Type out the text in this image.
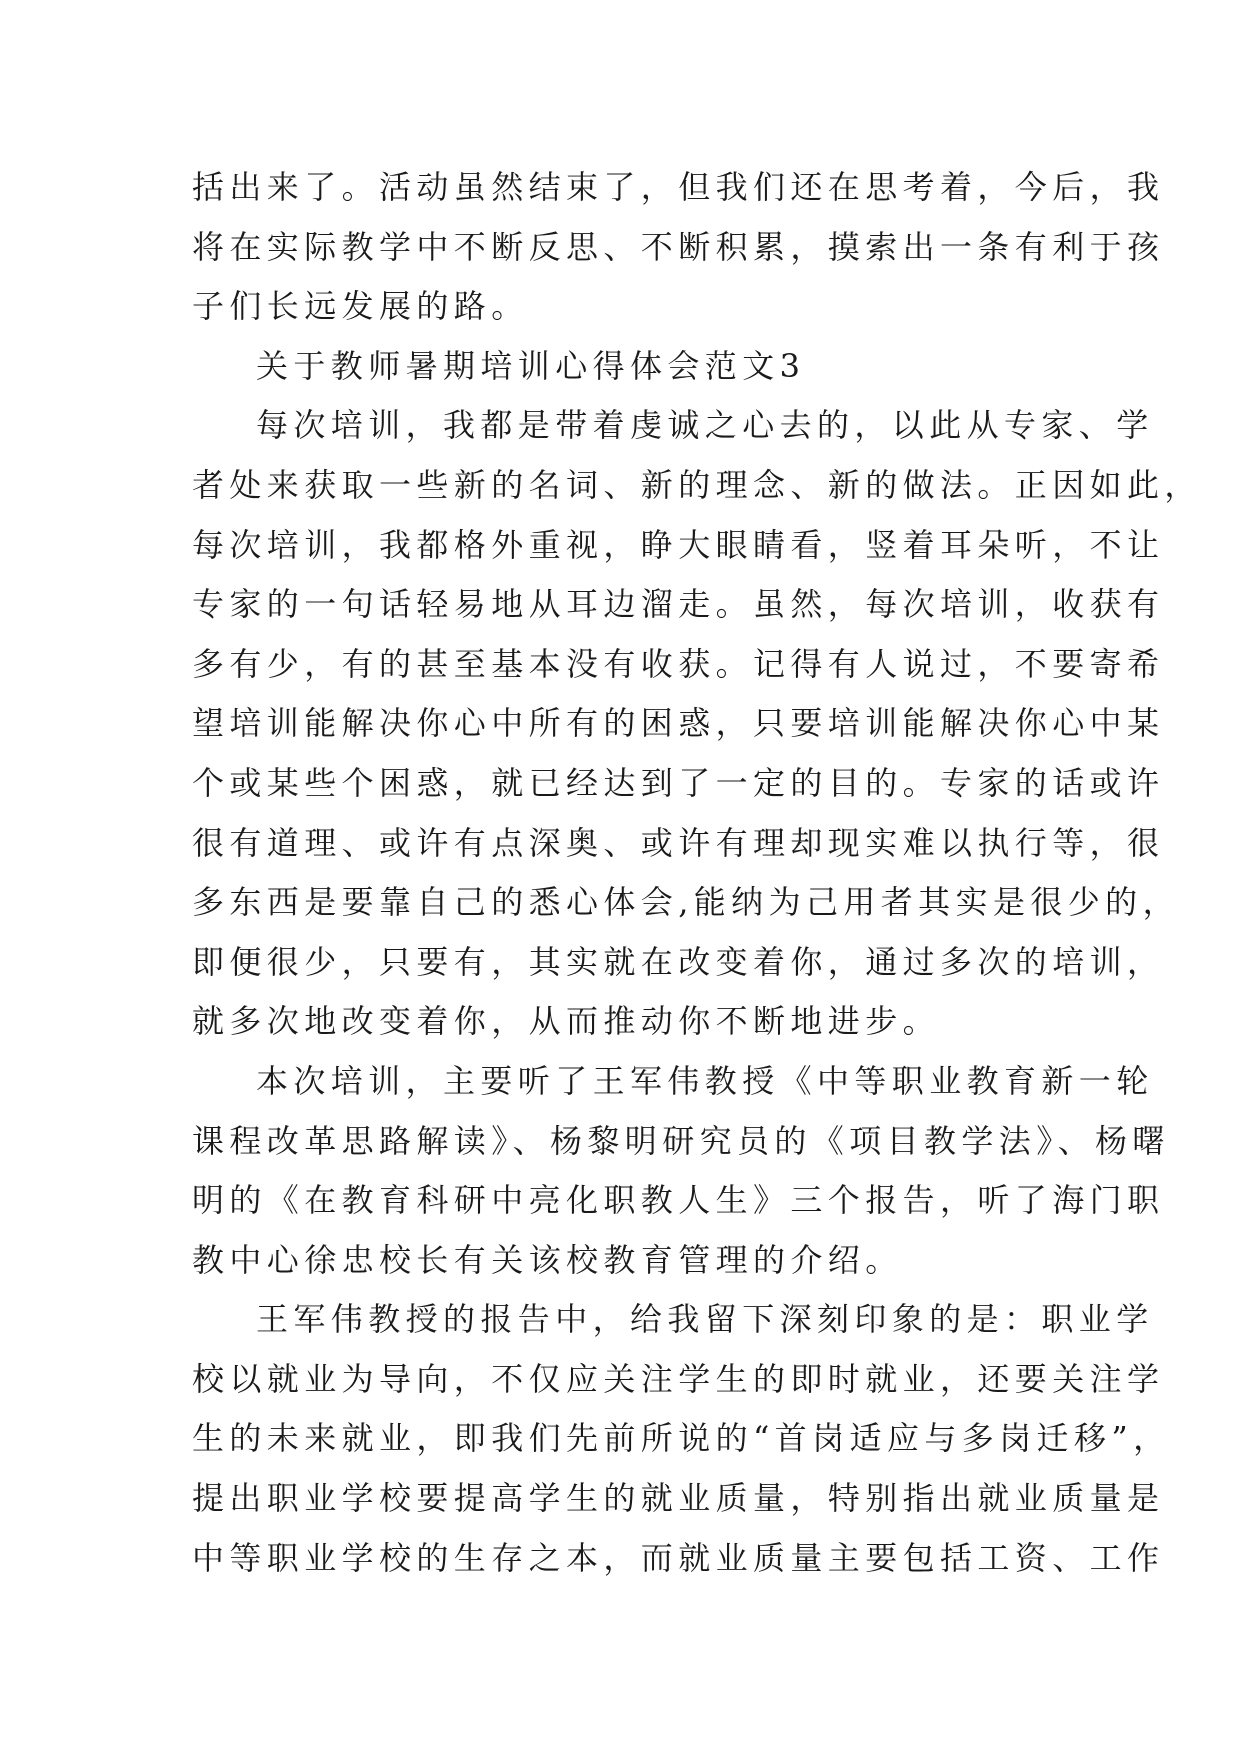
括出来了。活动虽然结束了，但我们还在思考着，今后，我
将在实际教学中不断反思、不断积累，摸索出一条有利于孩
子们长远发展的路。
关于教师暑期培训心得体会范文3
每次培训，我都是带着虔诚之心去的，以此从专家、学
者处来获取一些新的名词、新的理念、新的做法。正因如此，
每次培训，我都格外重视，睁大眼睛看，竖着耳朵听，不让
专家的一句话轻易地从耳边溜走。虽然，每次培训，收获有
多有少，有的甚至基本没有收获。记得有人说过，不要寄希
望培训能解决你心中所有的困惑，只要培训能解决你心中某
个或某些个困惑，就已经达到了一定的目的。专家的话或许
很有道理、或许有点深奥、或许有理却现实难以执行等，很
多东西是要靠自己的悉心体会,能纳为己用者其实是很少的，
即便很少，只要有，其实就在改变着你，通过多次的培训，
就多次地改变着你，从而推动你不断地进步。
本次培训，主要听了王军伟教授《中等职业教育新一轮
课程改革思路解读》、杨黎明研究员的《项目教学法》、杨曙
明的《在教育科研中亮化职教人生》三个报告，听了海门职
教中心徐忠校长有关该校教育管理的介绍。
王军伟教授的报告中，给我留下深刻印象的是：职业学
校以就业为导向，不仅应关注学生的即时就业，还要关注学
生的未来就业，即我们先前所说的“首岗适应与多岗迁移”，
提出职业学校要提高学生的就业质量，特别指出就业质量是
中等职业学校的生存之本，而就业质量主要包括工资、工作
